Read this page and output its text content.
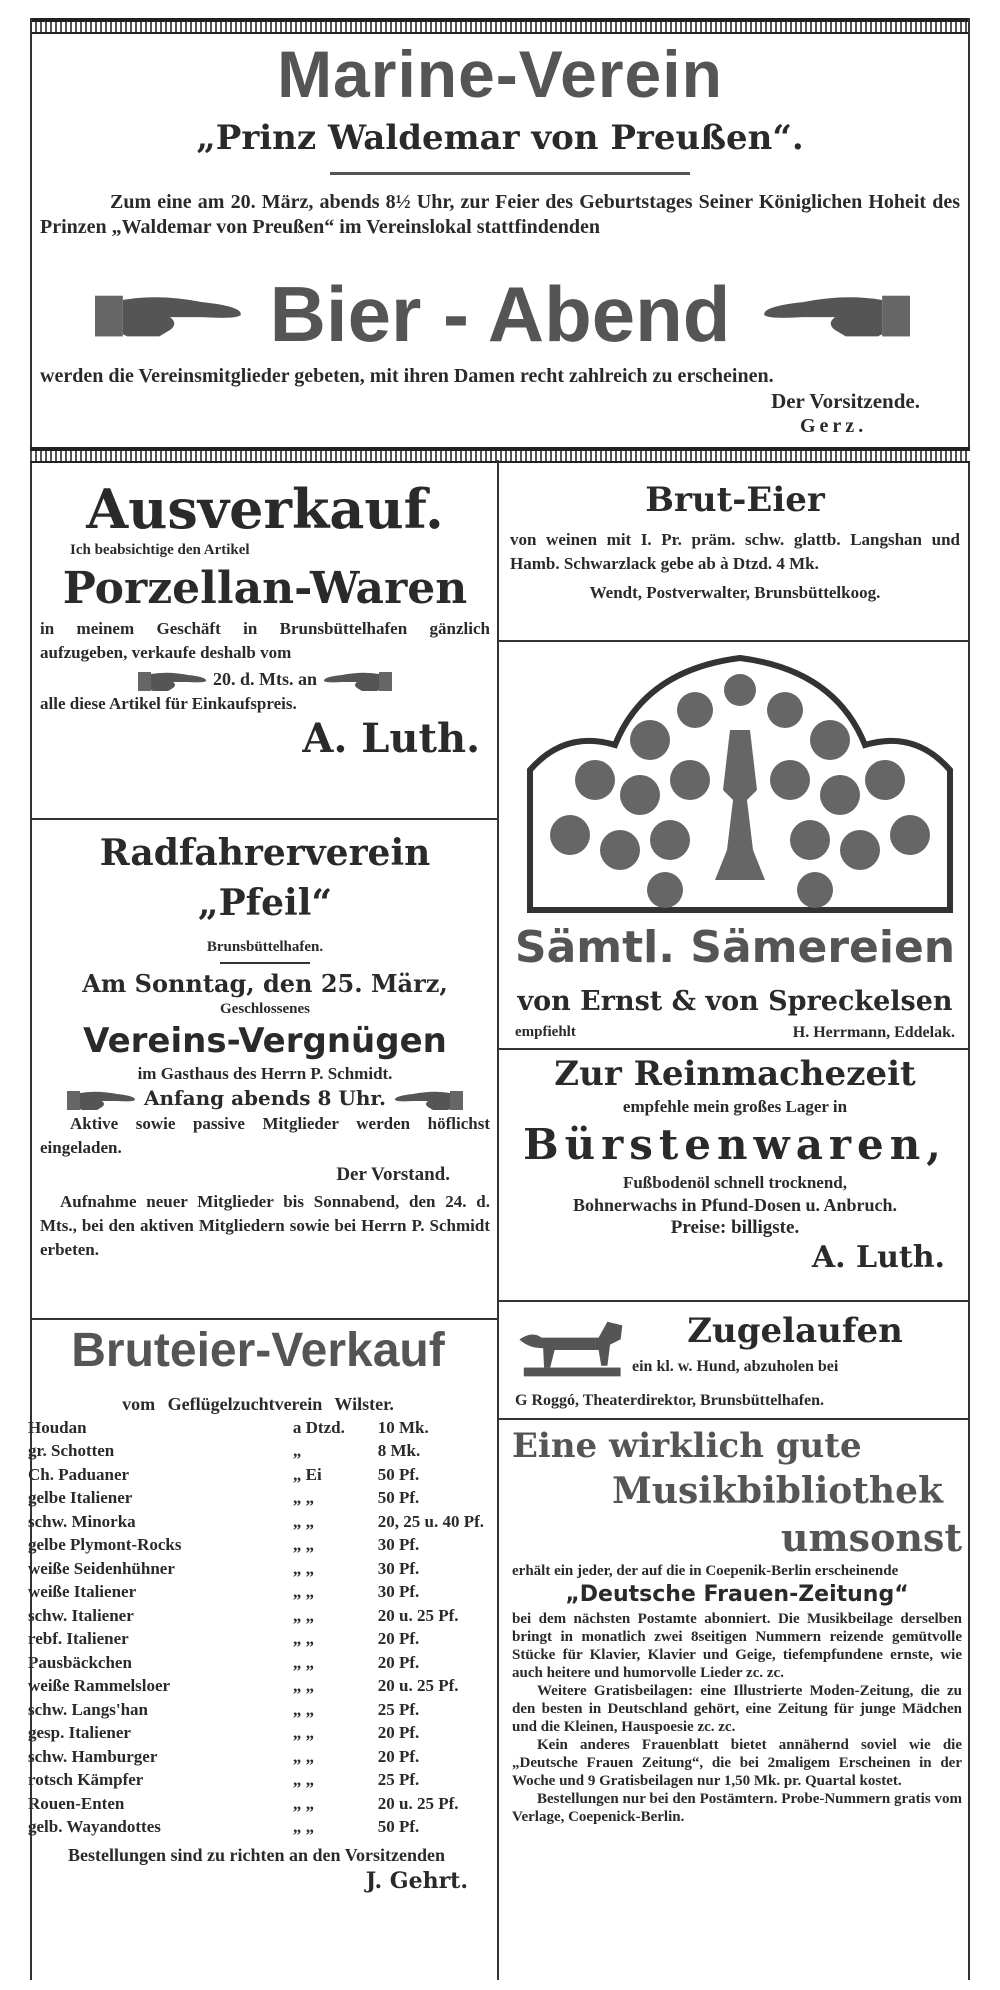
Marine-Verein
„Prinz Waldemar von Preußen“.
Zum eine am 20. März, abends 8½ Uhr, zur Feier des Geburtstages Seiner Königlichen Hoheit des Prinzen „Waldemar von Preußen“ im Vereinslokal stattfindenden
Bier - Abend
werden die Vereinsmitglieder gebeten, mit ihren Damen recht zahlreich zu erscheinen.
Der Vorsitzende.
Gerz.
Ausverkauf.
Ich beabsichtige den Artikel
Porzellan-Waren
in meinem Geschäft in Brunsbüttelhafen gänzlich aufzugeben, verkaufe deshalb vom
20. d. Mts. an
alle diese Artikel für Einkaufspreis.
A. Luth.
Radfahrerverein „Pfeil“
Brunsbüttelhafen.
Am Sonntag, den 25. März,
Geschlossenes
Vereins-Vergnügen
im Gasthaus des Herrn P. Schmidt.
Anfang abends 8 Uhr.
Aktive sowie passive Mitglieder werden höflichst eingeladen.
Der Vorstand.
Aufnahme neuer Mitglieder bis Sonnabend, den 24. d. Mts., bei den aktiven Mitgliedern sowie bei Herrn P. Schmidt erbeten.
Bruteier-Verkauf
vom Geflügelzuchtverein Wilster.
Houdan	a Dtzd.	10 Mk.
gr. Schotten	„	8 Mk.
Ch. Paduaner	„ Ei	50 Pf.
gelbe Italiener	„ „	50 Pf.
schw. Minorka	„ „	20, 25 u. 40 Pf.
gelbe Plymont-Rocks	„ „	30 Pf.
weiße Seidenhühner	„ „	30 Pf.
weiße Italiener	„ „	30 Pf.
schw. Italiener	„ „	20 u. 25 Pf.
rebf. Italiener	„ „	20 Pf.
Pausbäckchen	„ „	20 Pf.
weiße Rammelsloer	„ „	20 u. 25 Pf.
schw. Langs'han	„ „	25 Pf.
gesp. Italiener	„ „	20 Pf.
schw. Hamburger	„ „	20 Pf.
rotsch Kämpfer	„ „	25 Pf.
Rouen-Enten	„ „	20 u. 25 Pf.
gelb. Wayandottes	„ „	50 Pf.
Bestellungen sind zu richten an den Vorsitzenden
J. Gehrt.
Brut-Eier
von weinen mit I. Pr. präm. schw. glattb. Langshan und Hamb. Schwarzlack gebe ab à Dtzd. 4 Mk.
Wendt, Postverwalter, Brunsbüttelkoog.
Sämtl. Sämereien
von Ernst & von Spreckelsen
empfiehlt	H. Herrmann, Eddelak.
Zur Reinmachezeit
empfehle mein großes Lager in
Bürstenwaren,
Fußbodenöl schnell trocknend,
Bohnerwachs in Pfund-Dosen u. Anbruch.
Preise: billigste.
A. Luth.
Zugelaufen
ein kl. w. Hund, abzuholen bei
G Roggó, Theaterdirektor, Brunsbüttelhafen.
Eine wirklich gute
Musikbibliothek
umsonst
erhält ein jeder, der auf die in Coepenik-Berlin erscheinende
„Deutsche Frauen-Zeitung“
bei dem nächsten Postamte abonniert. Die Musikbeilage derselben bringt in monatlich zwei 8seitigen Nummern reizende gemütvolle Stücke für Klavier, Klavier und Geige, tiefempfundene ernste, wie auch heitere und humorvolle Lieder zc. zc.
Weitere Gratisbeilagen: eine Illustrierte Moden-Zeitung, die zu den besten in Deutschland gehört, eine Zeitung für junge Mädchen und die Kleinen, Hauspoesie zc. zc.
Kein anderes Frauenblatt bietet annähernd soviel wie die „Deutsche Frauen Zeitung“, die bei 2maligem Erscheinen in der Woche und 9 Gratisbeilagen nur 1,50 Mk. pr. Quartal kostet.
Bestellungen nur bei den Postämtern. Probe-Nummern gratis vom Verlage, Coepenick-Berlin.
